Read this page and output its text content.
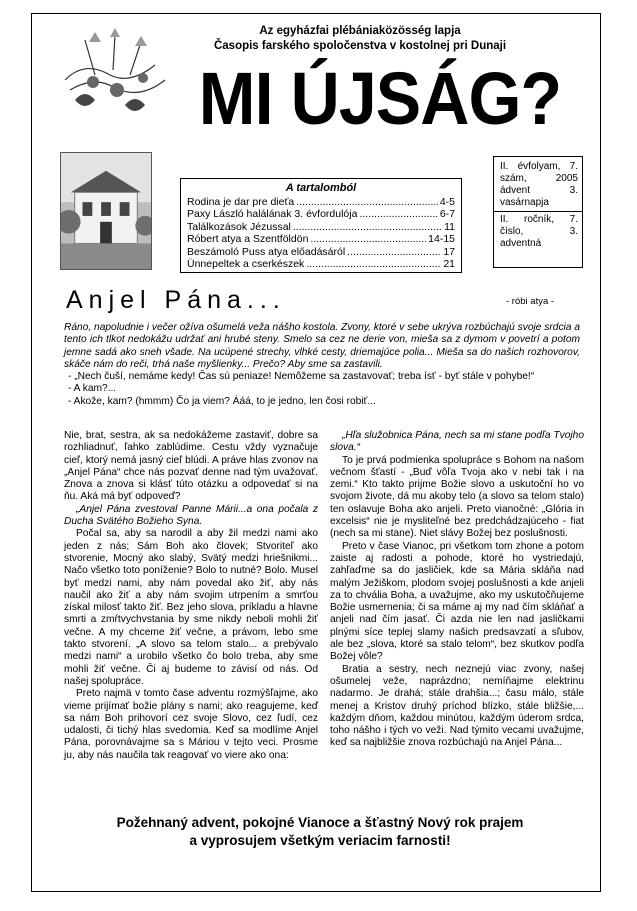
Az egyházfai plébániaközösség lapja
Časopis farského spoločenstva v kostolnej pri Dunaji
MI ÚJSÁG?
A tartalomból
Rodina je dar pre dieťa .....	4-5
Paxy László halálának 3. évfordulója .....	6-7
Találkozások Jézussal .....	11
Róbert atya a Szentföldön .....	14-15
Beszámoló Puss atya előadásáról .....	17
Ünnepeltek a cserkészek .....	21
II. évfolyam, 7. szám, 2005 ádvent 3. vasárnapja
II. ročník, 7. číslo, 3. adventná
Anjel Pána...	- róbi atya -
Ráno, napoludnie i večer ožíva ošumelá veža nášho kostola. Zvony, ktoré v sebe ukrýva rozbúchajú svoje srdcia a tento ich tlkot nedokážu udržať ani hrubé steny. Smelo sa cez ne derie von, mieša sa z dymom v povetrí a potom jemne sadá ako sneh všade. Na ucúpené strechy, vlhké cesty, driemajúce polia... Mieša sa do našich rozhovorov, skáče nám do reči, trhá naše myšlienky... Prečo? Aby sme sa zastavili.
- „Nech čuší, nemáme kedy! Čas sú peniaze! Nemôžeme sa zastavovať; treba ísť - byť stále v pohybe!“
- A kam?...
- Akože, kam? (hmmm) Čo ja viem? Ááá, to je jedno, len čosi robiť...

Nie, brat, sestra, ak sa nedokážeme zastaviť, dobre sa rozhliadnuť, ľahko zablúdime. Cestu vždy vyznačuje cieľ, ktorý nemá jasný cieľ blúdi. A práve hlas zvonov na „Anjel Pána“ chce nás pozvať denne nad tým uvažovať. Znova a znova si klásť túto otázku a odpovedať si na ňu. Aká má byť odpoveď?

„Anjel Pána zvestoval Panne Márii...a ona počala z Ducha Svätého Božieho Syna.

Počal sa, aby sa narodil a aby žil medzi nami ako jeden z nás; Sám Boh ako človek; Stvoriteľ ako stvorenie, Mocný ako slabý, Svätý medzi hriešnikmi... Načo všetko toto poníženie? Bolo to nutné? Bolo. Musel byť medzi nami, aby nám povedal ako žiť, aby nás naučil ako žiť a aby nám svojim utrpením a smrťou získal milosť takto žiť. Bez jeho slova, príkladu a hlavne smrti a zmŕtvychvstania by sme nikdy neboli mohli žiť večne. A my chceme žiť večne, a právom, lebo sme takto stvorení. „A slovo sa telom stalo... a prebývalo medzi nami“ a urobilo všetko čo bolo treba, aby sme mohli žiť večne. Či aj budeme to závisí od nás. Od našej spolupráce.

Preto najmä v tomto čase adventu rozmýšľajme, ako vieme prijímať božie plány s nami; ako reagujeme, keď sa nám Boh prihovorí cez svoje Slovo, cez ľudí, cez udalosti, či tichý hlas svedomia. Keď sa modlíme Anjel Pána, porovnávajme sa s Máriou v tejto veci. Prosme ju, aby nás naučila tak reagovať vo viere ako ona:

„Hľa služobnica Pána, nech sa mi stane podľa Tvojho slova.“

To je prvá podmienka spolupráce s Bohom na našom večnom šťastí - „Buď vôľa Tvoja ako v nebi tak i na zemi.“ Kto takto prijme Božie slovo a uskutoční ho vo svojom živote, dá mu akoby telo (a slovo sa telom stalo) ten oslavuje Boha ako anjeli. Preto vianočné: „Glória in excelsis“ nie je mysliteľné bez predchádzajúceho - fiat (nech sa mi stane). Niet slávy Božej bez poslušnosti.

Preto v čase Vianoc, pri všetkom tom zhone a potom zaiste aj radosti a pohode, ktoré ho vystriedajú, zahľaďme sa do jasličiek, kde sa Mária skláňa nad malým Ježiškom, plodom svojej poslušnosti a kde anjeli za to chvália Boha, a uvažujme, ako my uskutočňujeme Božie usmernenia; či sa máme aj my nad čím skláňať a anjeli nad čím jasať. Či azda nie len nad jasličkami plnými síce teplej slamy našich predsavzatí a sľubov, ale bez „slova, ktoré sa stalo telom“, bez skutkov podľa Božej vôle?

Bratia a sestry, nech neznejú viac zvony, našej ošumelej veže, naprázdno; nemíňajme elektrinu nadarmo. Je drahá; stále drahšia...; času málo, stále menej a Kristov druhý príchod blízko, stále bližšie,... každým dňom, každou minútou, každým úderom srdca, toho nášho i tých vo veži. Nad týmito vecami uvažujme, keď sa najbližšie znova rozbúchajú na Anjel Pána...

Požehnaný advent, pokojné Vianoce a šťastný Nový rok prajem
a vyprosujem všetkým veriacim farnosti!
